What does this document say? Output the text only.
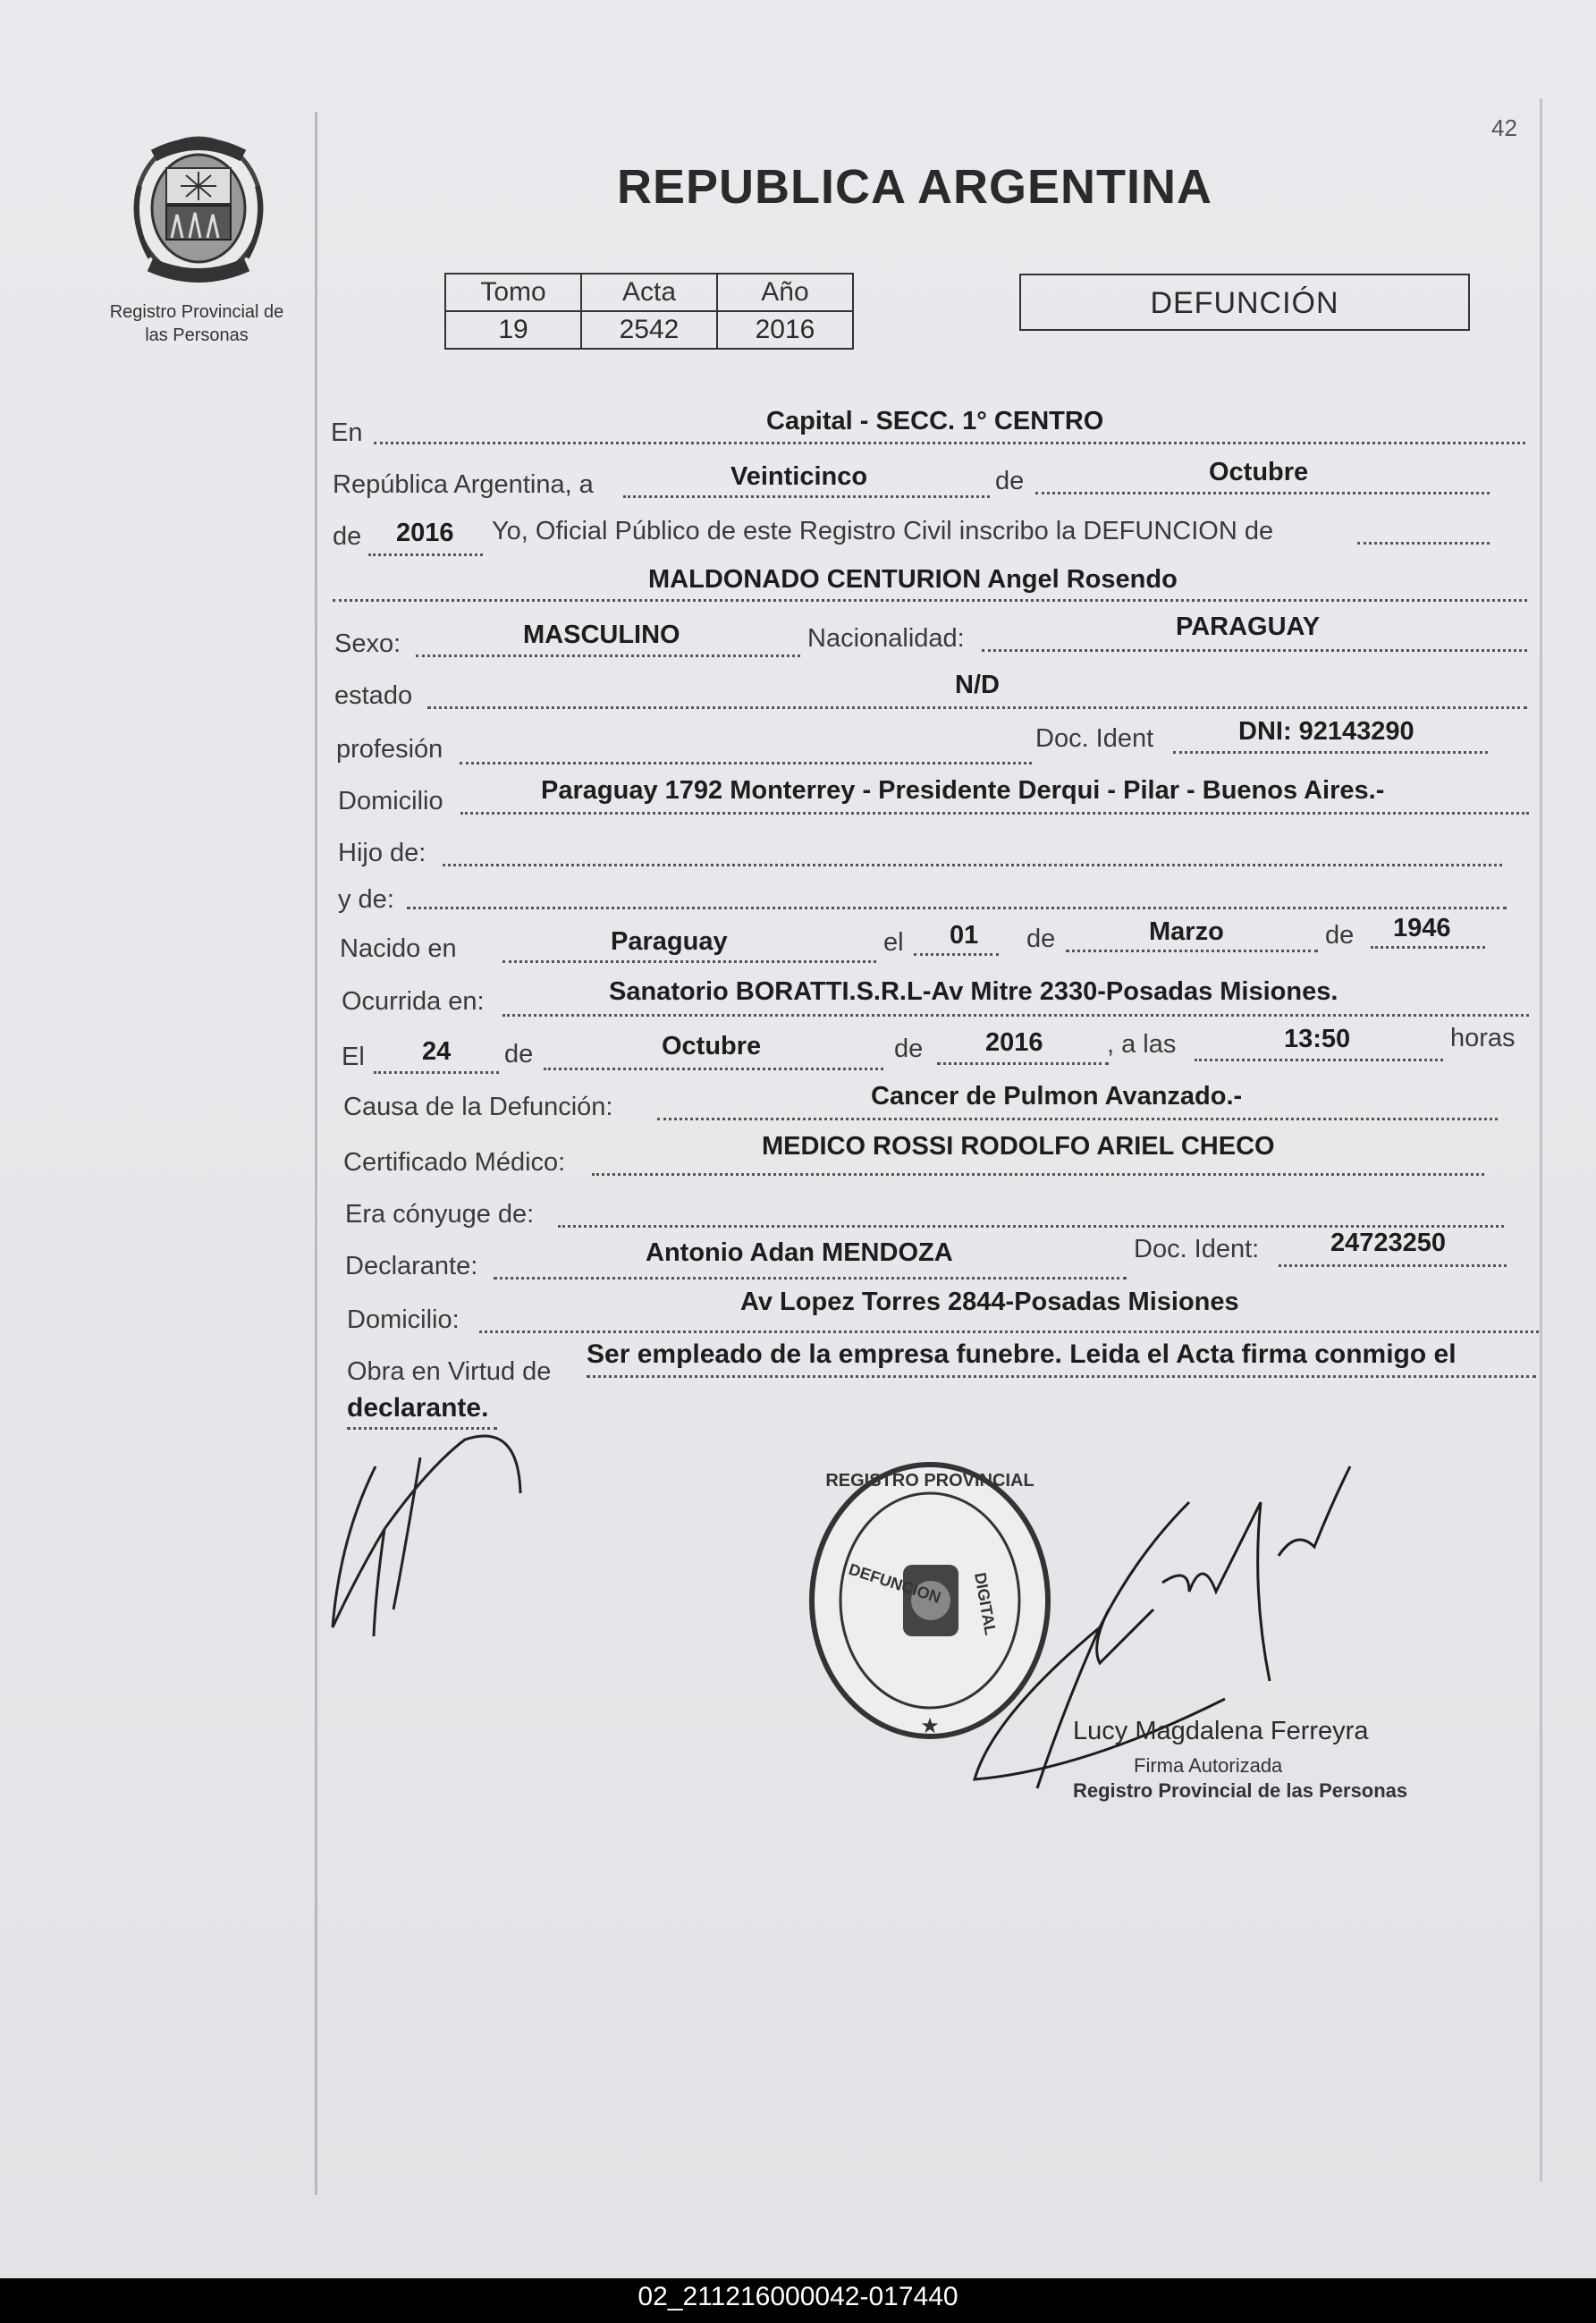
42
Registro Provincial de
las Personas
REPUBLICA ARGENTINA
Tomo	Acta	Año
19	2542	2016
DEFUNCIÓN
En	Capital - SECC. 1° CENTRO
República Argentina, a	Veinticinco	de	Octubre
de 2016 Yo, Oficial Público de este Registro Civil inscribo la DEFUNCION de
MALDONADO CENTURION Angel Rosendo
Sexo:	MASCULINO	Nacionalidad:	PARAGUAY
estado	N/D
profesión	Doc. Ident	DNI: 92143290
Domicilio	Paraguay 1792 Monterrey - Presidente Derqui - Pilar - Buenos Aires.-
Hijo de:
y de:
Nacido en	Paraguay	el 01 de	Marzo	de 1946
Ocurrida en:	Sanatorio BORATTI.S.R.L-Av Mitre 2330-Posadas Misiones.
El 24 de	Octubre	de 2016 , a las	13:50	horas
Causa de la Defunción:	Cancer de Pulmon Avanzado.-
Certificado Médico:
MEDICO ROSSI RODOLFO ARIEL CHECO
Era cónyuge de:
Declarante:	Antonio Adan MENDOZA	Doc. Ident:	24723250
Domicilio:
Av Lopez Torres 2844-Posadas Misiones
Obra en Virtud de
Ser empleado de la empresa funebre. Leida el Acta firma conmigo el
declarante.
REGISTRO PROVINCIAL
★
DEFUNCION DIGITAL
Lucy Magdalena Ferreyra
Firma Autorizada
Registro Provincial de las Personas
02_211216000042-017440
